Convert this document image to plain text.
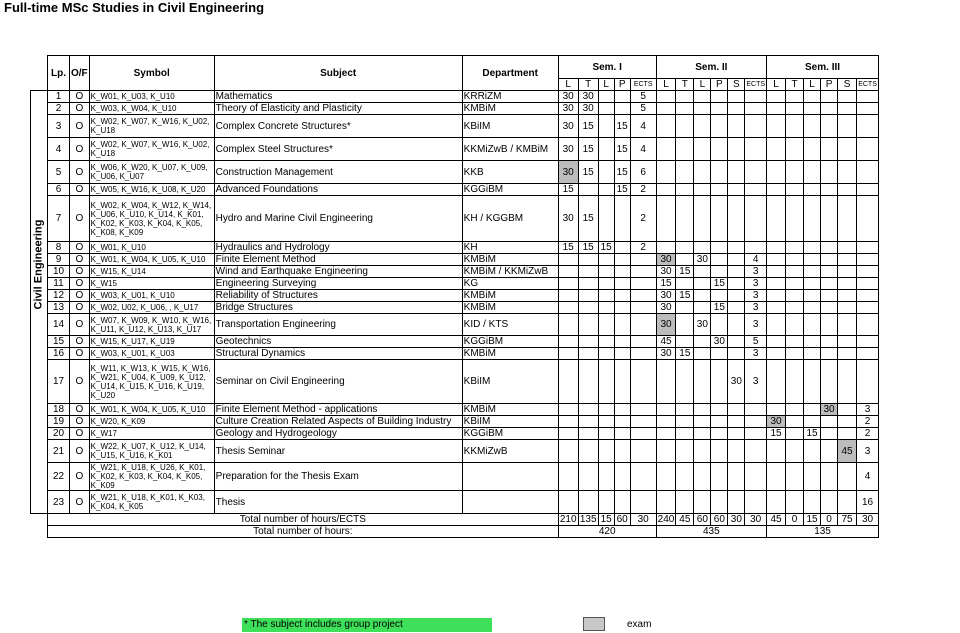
Full-time MSc Studies in Civil Engineering
	Lp.	O/F	Symbol	Subject	Department	Sem. I					Sem. II						Sem. III					
						L	T	L	P	ECTS	L	T	L	P	S	ECTS	L	T	L	P	S	ECTS

Civil Engineering	1	O	K_W01, K_U03, K_U10	Mathematics	KRRiZM	30	30			5												
	2	O	K_W03, K_W04, K_U10	Theory of Elasticity and Plasticity	KMBiM	30	30			5												
	3	O	K_W02, K_W07, K_W16, K_U02, K_U18	Complex Concrete Structures*	KBiIM	30	15		15	4												
	4	O	K_W02, K_W07, K_W16, K_U02, K_U18	Complex Steel Structures*	KKMiZwB / KMBiM	30	15		15	4												
	5	O	K_W06, K_W20, K_U07, K_U09, K_U06, K_U07	Construction Management	KKB	30	15		15	6												
	6	O	K_W05, K_W16, K_U08, K_U20	Advanced Foundations	KGGiBM	15			15	2												
	7	O	K_W02, K_W04, K_W12, K_W14, K_U06, K_U10, K_U14, K_K01, K_K02, K_K03, K_K04, K_K05, K_K08, K_K09	Hydro and Marine Civil Engineering	KH / KGGBM	30	15			2												
	8	O	K_W01, K_U10	Hydraulics and Hydrology	KH	15	15	15		2												
	9	O	K_W01, K_W04, K_U05, K_U10	Finite Element Method	KMBiM						30		30			4						
	10	O	K_W15, K_U14	Wind and Earthquake Engineering	KMBiM / KKMiZwB						30	15				3						
	11	O	K_W15	Engineering Surveying	KG						15			15		3						
	12	O	K_W03, K_U01, K_U10	Reliability of Structures	KMBiM						30	15				3						
	13	O	K_W02, U02, K_U06, , K_U17	Bridge Structures	KMBiM						30			15		3						
	14	O	K_W07, K_W09, K_W10, K_W16, K_U11, K_U12, K_U13, K_U17	Transportation Engineering	KID / KTS						30		30			3						
	15	O	K_W15, K_U17, K_U19	Geotechnics	KGGiBM						45			30		5						
	16	O	K_W03, K_U01, K_U03	Structural Dynamics	KMBiM						30	15				3						
	17	O	K_W11, K_W13, K_W15, K_W16, K_W21, K_U04, K_U09, K_U12, K_U14, K_U15, K_U16, K_U19, K_U20	Seminar on Civil Engineering	KBiIM										30	3						
	18	O	K_W01, K_W04, K_U05, K_U10	Finite Element Method - applications	KMBiM															30		3
	19	O	K_W20, K_K09	Culture Creation Related Aspects of Building Industry	KBiIM												30					2
	20	O	K_W17	Geology and Hydrogeology	KGGiBM												15		15			2
	21	O	K_W22, K_U07, K_U12, K_U14, K_U15, K_U16, K_K01	Thesis Seminar	KKMiZwB																45	3
	22	O	K_W21, K_U18, K_U26, K_K01, K_K02, K_K03, K_K04, K_K05, K_K09	Preparation for the Thesis Exam																		4
	23	O	K_W21, K_U18, K_K01, K_K03, K_K04, K_K05	Thesis																		16
	Total number of hours/ECTS					210	135	15	60	30	240	45	60	60	30	30	45	0	15	0	75	30
	Total number of hours:					420					435						135					
* The subject includes group project	exam
